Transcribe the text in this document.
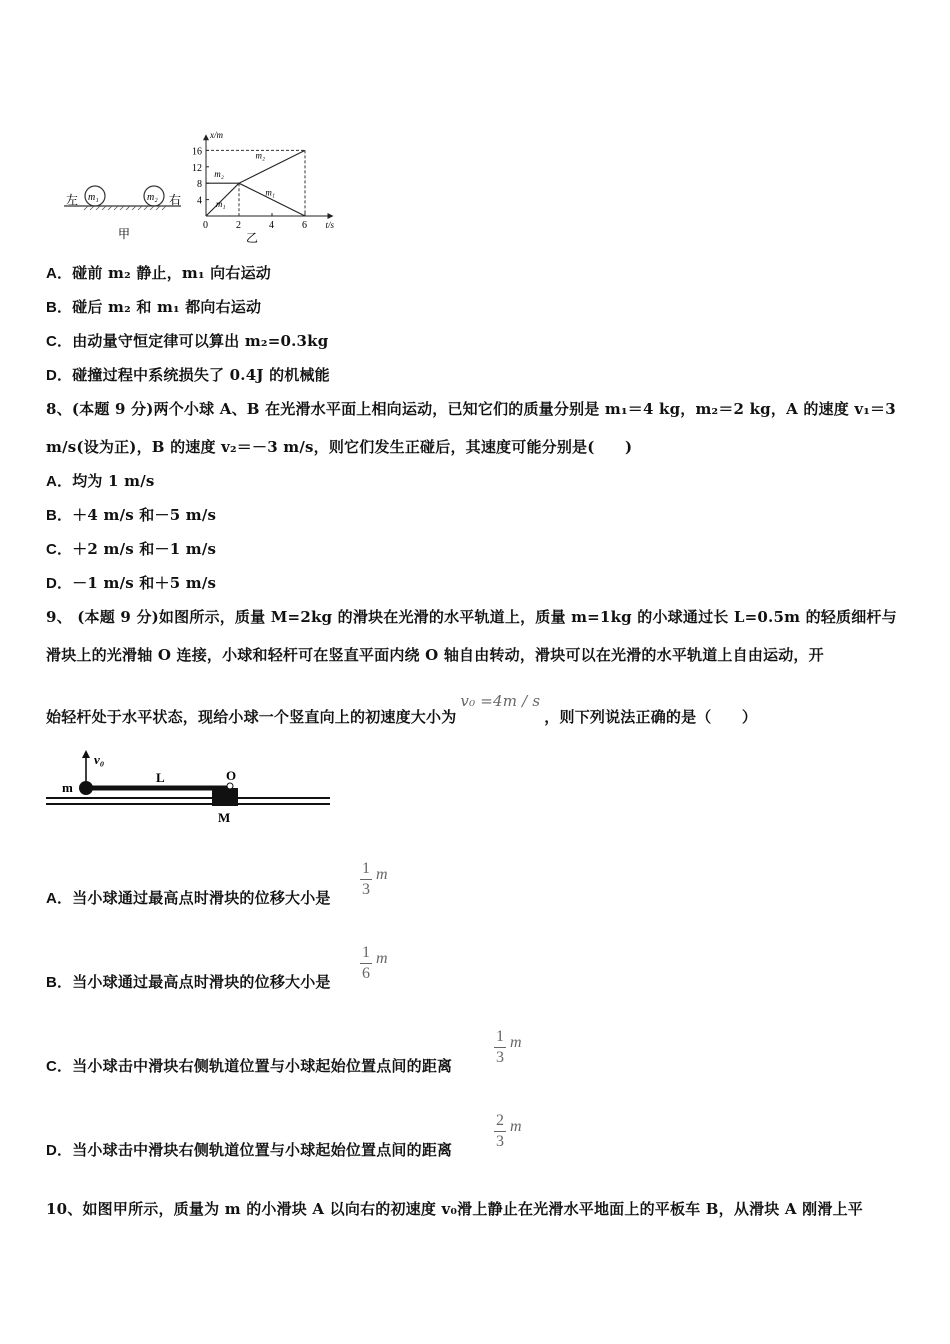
m₁	m₂
左	右
甲
x/m
t/s
0	2	4	6
4
8
12
16
m₂
m₂
m₁
m₁
乙
A．碰前 m₂ 静止，m₁ 向右运动
B．碰后 m₂ 和 m₁ 都向右运动
C．由动量守恒定律可以算出 m₂=0.3kg
D．碰撞过程中系统损失了 0.4J 的机械能
8、(本题 9 分)两个小球 A、B 在光滑水平面上相向运动，已知它们的质量分别是 m₁＝4 kg，m₂＝2 kg，A 的速度 v₁＝3
m/s(设为正)，B 的速度 v₂＝－3 m/s，则它们发生正碰后，其速度可能分别是(　　)
A．均为 1 m/s
B．＋4 m/s 和－5 m/s
C．＋2 m/s 和－1 m/s
D．－1 m/s 和＋5 m/s
9、 (本题 9 分)如图所示，质量 M=2kg 的滑块在光滑的水平轨道上，质量 m=1kg 的小球通过长 L=0.5m 的轻质细杆与
滑块上的光滑轴 O 连接，小球和轻杆可在竖直平面内绕 O 轴自由转动，滑块可以在光滑的水平轨道上自由运动，开
始轻杆处于水平状态，现给小球一个竖直向上的初速度大小为v₀ =4m / s，则下列说法正确的是（　　）
v₀
m
L	O
M
A．当小球通过最高点时滑块的位移大小是
1
3
m
B．当小球通过最高点时滑块的位移大小是
1
6
m
C．当小球击中滑块右侧轨道位置与小球起始位置点间的距离
1
3
m
D．当小球击中滑块右侧轨道位置与小球起始位置点间的距离
2
3
m
10、如图甲所示，质量为 m 的小滑块 A 以向右的初速度 v₀滑上静止在光滑水平地面上的平板车 B，从滑块 A 刚滑上平
